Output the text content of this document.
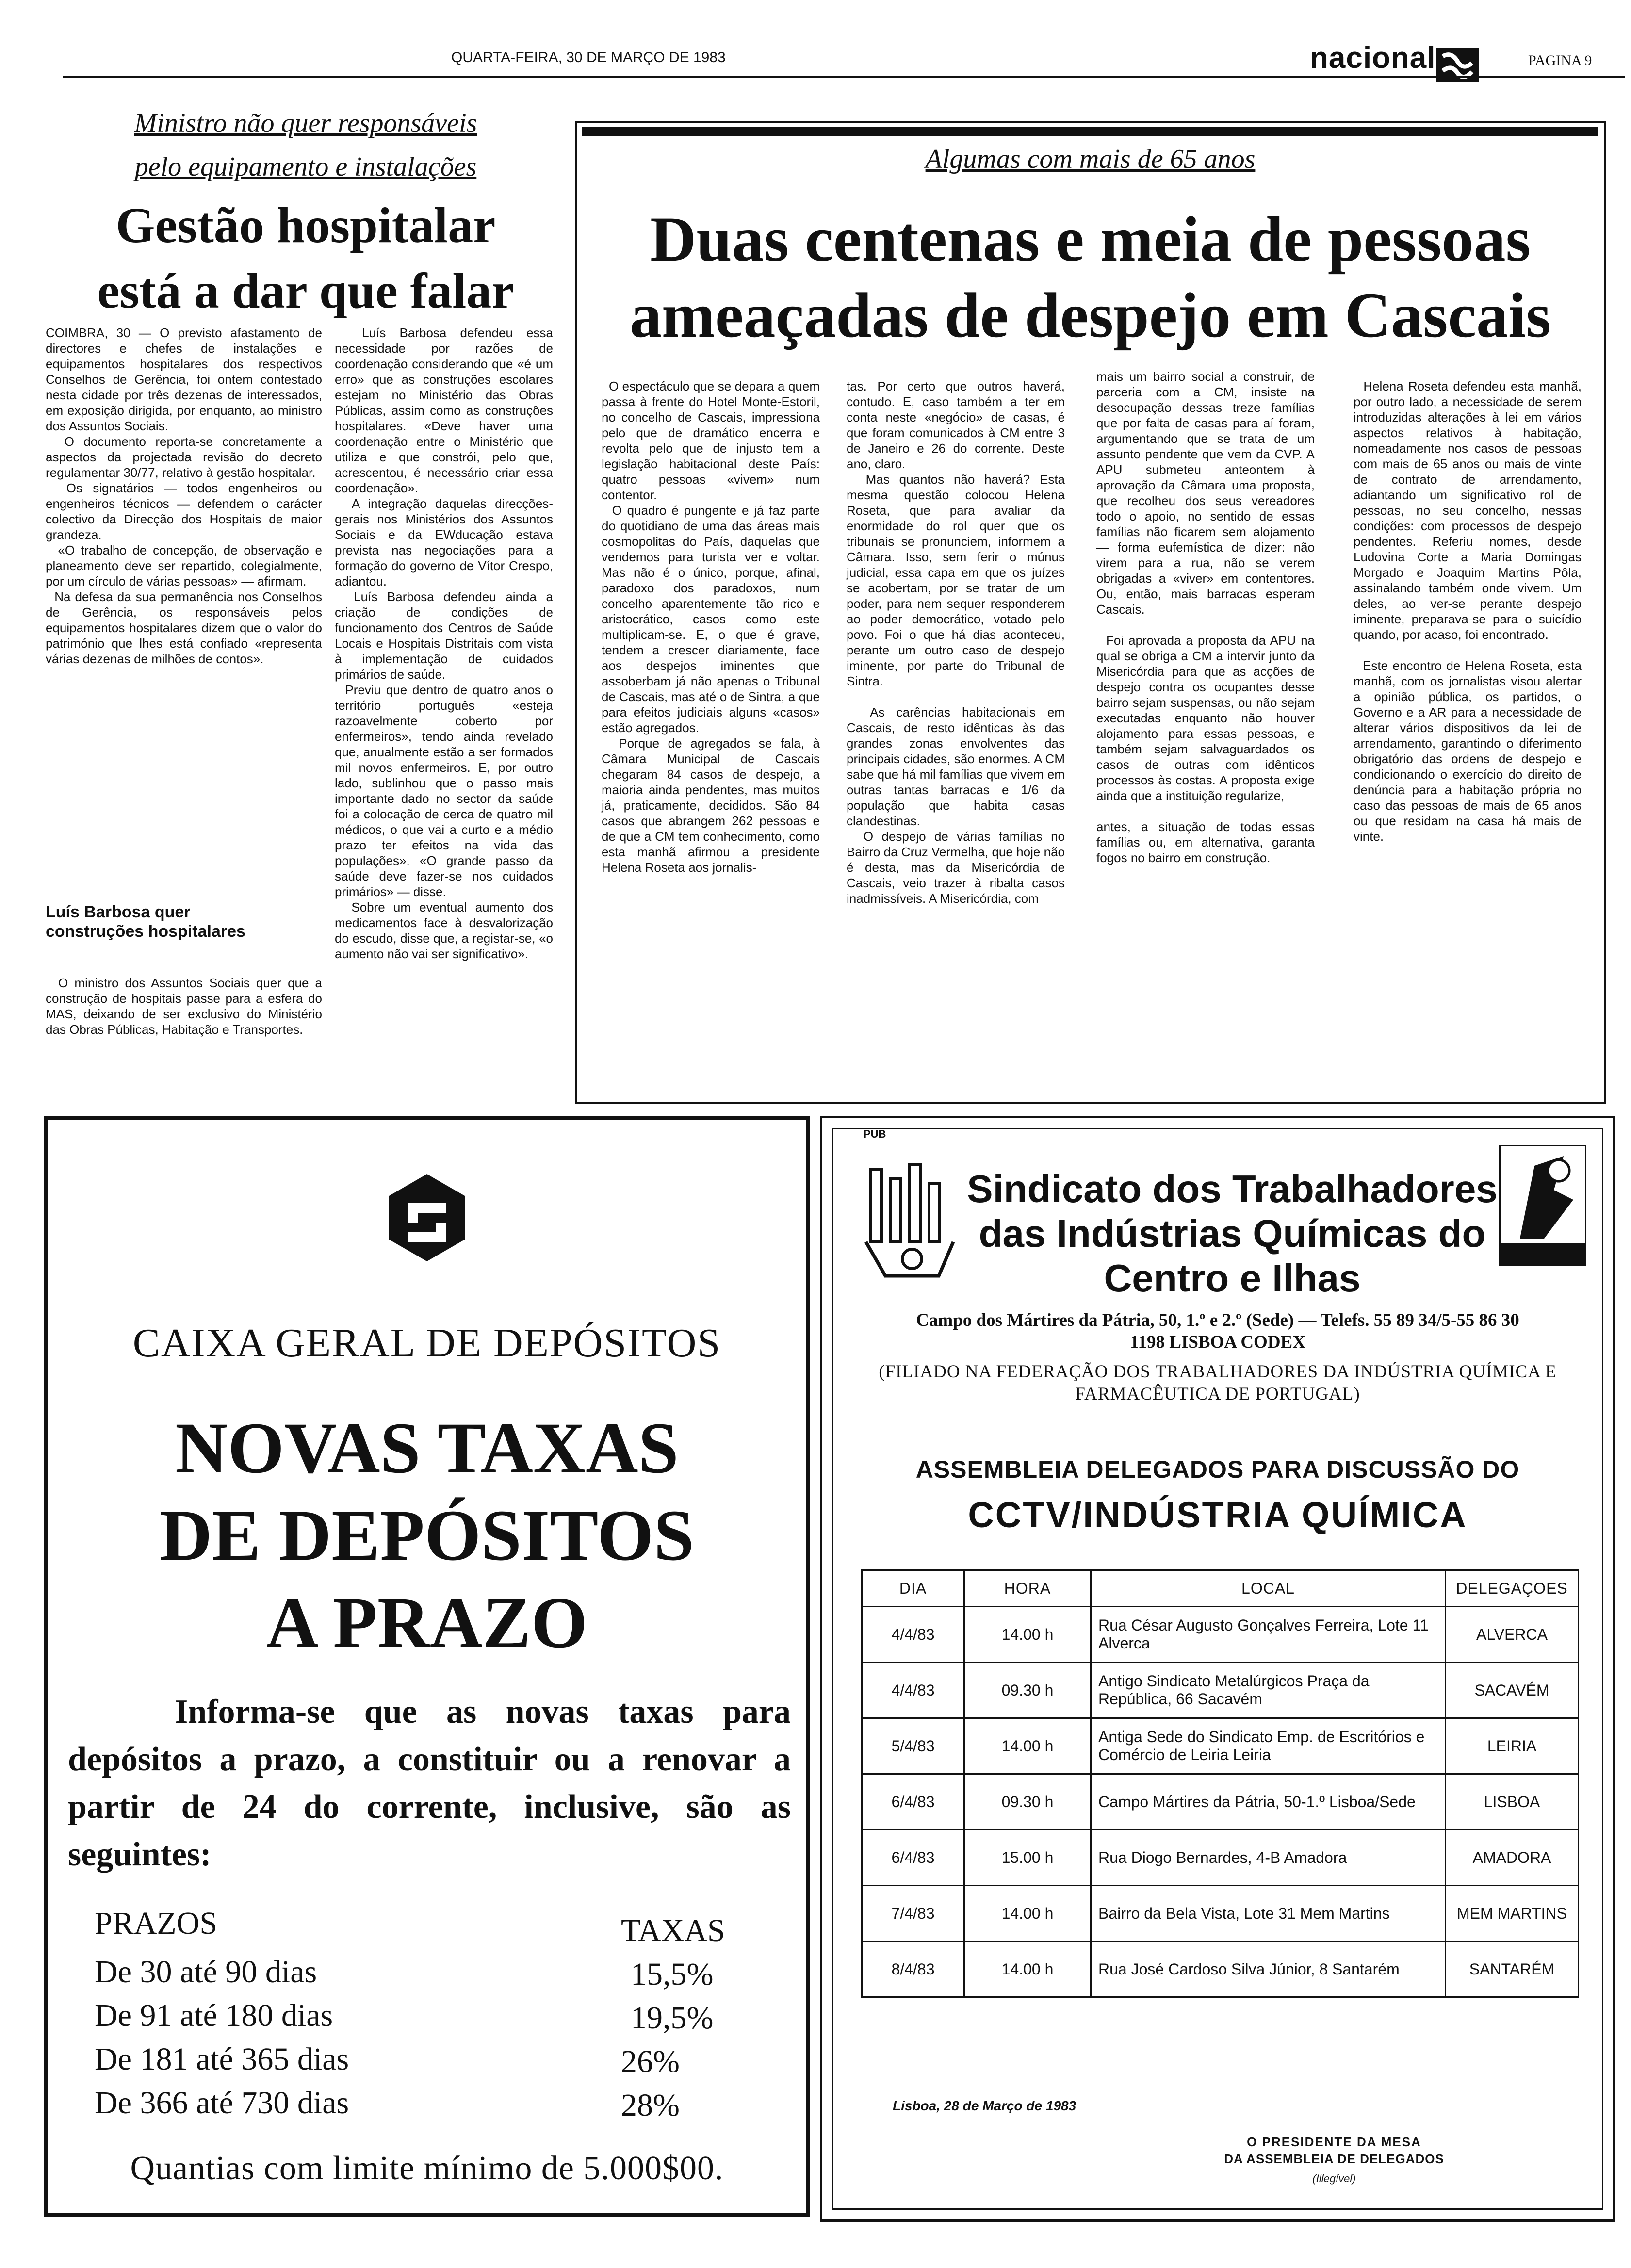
QUARTA-FEIRA, 30 DE MARÇO DE 1983	nacional	PAGINA 9
Ministro não quer responsáveis
pelo equipamento e instalações
Gestão hospitalar
está a dar que falar
COIMBRA, 30 — O previsto afastamento de directores e chefes de instalações e equipamentos hospitalares dos respectivos Conselhos de Gerência, foi ontem contestado nesta cidade por três dezenas de interessados, em exposição dirigida, por enquanto, ao ministro dos Assuntos Sociais.
O documento reporta-se concretamente a aspectos da projectada revisão do decreto regulamentar 30/77, relativo à gestão hospitalar.
Os signatários — todos engenheiros ou engenheiros técnicos — defendem o carácter colectivo da Direcção dos Hospitais de maior grandeza.
«O trabalho de concepção, de observação e planeamento deve ser repartido, colegialmente, por um círculo de várias pessoas» — afirmam.
Na defesa da sua permanência nos Conselhos de Gerência, os responsáveis pelos equipamentos hospitalares dizem que o valor do património que lhes está confiado «representa várias dezenas de milhões de contos».
Luís Barbosa quer construções hospitalares
O ministro dos Assuntos Sociais quer que a construção de hospitais passe para a esfera do MAS, deixando de ser exclusivo do Ministério das Obras Públicas, Habitação e Transportes.
Luís Barbosa defendeu essa necessidade por razões de coordenação considerando que «é um erro» que as construções escolares estejam no Ministério das Obras Públicas, assim como as construções hospitalares. «Deve haver uma coordenação entre o Ministério que utiliza e que constrói, pelo que, acrescentou, é necessário criar essa coordenação».
A integração daquelas direcções-gerais nos Ministérios dos Assuntos Sociais e da EWducação estava prevista nas negociações para a formação do governo de Vítor Crespo, adiantou.
Luís Barbosa defendeu ainda a criação de condições de funcionamento dos Centros de Saúde Locais e Hospitais Distritais com vista à implementação de cuidados primários de saúde.
Previu que dentro de quatro anos o território português «esteja razoavelmente coberto por enfermeiros», tendo ainda revelado que, anualmente estão a ser formados mil novos enfermeiros. E, por outro lado, sublinhou que o passo mais importante dado no sector da saúde foi a colocação de cerca de quatro mil médicos, o que vai a curto e a médio prazo ter efeitos na vida das populações». «O grande passo da saúde deve fazer-se nos cuidados primários» — disse.
Sobre um eventual aumento dos medicamentos face à desvalorização do escudo, disse que, a registar-se, «o aumento não vai ser significativo».
Algumas com mais de 65 anos
Duas centenas e meia de pessoas
ameaçadas de despejo em Cascais
O espectáculo que se depara a quem passa à frente do Hotel Monte-Estoril, no concelho de Cascais, impressiona pelo que de dramático encerra e revolta pelo que de injusto tem a legislação habitacional deste País: quatro pessoas «vivem» num contentor.
O quadro é pungente e já faz parte do quotidiano de uma das áreas mais cosmopolitas do País, daquelas que vendemos para turista ver e voltar. Mas não é o único, porque, afinal, paradoxo dos paradoxos, num concelho aparentemente tão rico e aristocrático, casos como este multiplicam-se. E, o que é grave, tendem a crescer diariamente, face aos despejos iminentes que assoberbam já não apenas o Tribunal de Cascais, mas até o de Sintra, a que para efeitos judiciais alguns «casos» estão agregados.
Porque de agregados se fala, à Câmara Municipal de Cascais chegaram 84 casos de despejo, a maioria ainda pendentes, mas muitos já, praticamente, decididos. São 84 casos que abrangem 262 pessoas e de que a CM tem conhecimento, como esta manhã afirmou a presidente Helena Roseta aos jornalis-
tas. Por certo que outros haverá, contudo. E, caso também a ter em conta neste «negócio» de casas, é que foram comunicados à CM entre 3 de Janeiro e 26 do corrente. Deste ano, claro.
Mas quantos não haverá? Esta mesma questão colocou Helena Roseta, que para avaliar da enormidade do rol quer que os tribunais se pronunciem, informem a Câmara. Isso, sem ferir o múnus judicial, essa capa em que os juízes se acobertam, por se tratar de um poder, para nem sequer responderem ao poder democrático, votado pelo povo. Foi o que há dias aconteceu, perante um outro caso de despejo iminente, por parte do Tribunal de Sintra.

As carências habitacionais em Cascais, de resto idênticas às das grandes zonas envolventes das principais cidades, são enormes. A CM sabe que há mil famílias que vivem em outras tantas barracas e 1/6 da população que habita casas clandestinas.
O despejo de várias famílias no Bairro da Cruz Vermelha, que hoje não é desta, mas da Misericórdia de Cascais, veio trazer à ribalta casos inadmissíveis. A Misericórdia, com
mais um bairro social a construir, de parceria com a CM, insiste na desocupação dessas treze famílias que por falta de casas para aí foram, argumentando que se trata de um assunto pendente que vem da CVP. A APU submeteu anteontem à aprovação da Câmara uma proposta, que recolheu dos seus vereadores todo o apoio, no sentido de essas famílias não ficarem sem alojamento — forma eufemística de dizer: não virem para a rua, não se verem obrigadas a «viver» em contentores. Ou, então, mais barracas esperam Cascais.

Foi aprovada a proposta da APU na qual se obriga a CM a intervir junto da Misericórdia para que as acções de despejo contra os ocupantes desse bairro sejam suspensas, ou não sejam executadas enquanto não houver alojamento para essas pessoas, e também sejam salvaguardados os casos de outras com idênticos processos às costas. A proposta exige ainda que a instituição regularize,

antes, a situação de todas essas famílias ou, em alternativa, garanta fogos no bairro em construção.
Helena Roseta defendeu esta manhã, por outro lado, a necessidade de serem introduzidas alterações à lei em vários aspectos relativos à habitação, nomeadamente nos casos de pessoas com mais de 65 anos ou mais de vinte de contrato de arrendamento, adiantando um significativo rol de pessoas, no seu concelho, nessas condições: com processos de despejo pendentes. Referiu nomes, desde Ludovina Corte a Maria Domingas Morgado e Joaquim Martins Pôla, assinalando também onde vivem. Um deles, ao ver-se perante despejo iminente, preparava-se para o suicídio quando, por acaso, foi encontrado.

Este encontro de Helena Roseta, esta manhã, com os jornalistas visou alertar a opinião pública, os partidos, o Governo e a AR para a necessidade de alterar vários dispositivos da lei de arrendamento, garantindo o diferimento obrigatório das ordens de despejo e condicionando o exercício do direito de denúncia para a habitação própria no caso das pessoas de mais de 65 anos ou que residam na casa há mais de vinte.
CAIXA GERAL DE DEPÓSITOS
NOVAS TAXAS
DE DEPÓSITOS
A PRAZO
Informa-se que as novas taxas para depósitos a prazo, a constituir ou a renovar a partir de 24 do corrente, inclusive, são as seguintes:
PRAZOS	TAXAS
De 30 até 90 dias	15,5%
De 91 até 180 dias	19,5%
De 181 até 365 dias	26%
De 366 até 730 dias	28%
Quantias com limite mínimo de 5.000$00.
PUB
Sindicato dos Trabalhadores
das Indústrias Químicas do
Centro e Ilhas
Campo dos Mártires da Pátria, 50, 1.º e 2.º (Sede) — Telefs. 55 89 34/5-55 86 30
1198 LISBOA CODEX
(FILIADO NA FEDERAÇÃO DOS TRABALHADORES DA INDÚSTRIA QUÍMICA E FARMACÊUTICA DE PORTUGAL)
ASSEMBLEIA DELEGADOS PARA DISCUSSÃO DO
CCTV/INDÚSTRIA QUÍMICA
DIA	HORA	LOCAL	DELEGAÇOES
4/4/83	14.00 h	Rua César Augusto Gonçalves Ferreira, Lote 11 Alverca	ALVERCA
4/4/83	09.30 h	Antigo Sindicato Metalúrgicos Praça da República, 66 Sacavém	SACAVÉM
5/4/83	14.00 h	Antiga Sede do Sindicato Emp. de Escritórios e Comércio de Leiria Leiria	LEIRIA
6/4/83	09.30 h	Campo Mártires da Pátria, 50-1.º Lisboa/Sede	LISBOA
6/4/83	15.00 h	Rua Diogo Bernardes, 4-B Amadora	AMADORA
7/4/83	14.00 h	Bairro da Bela Vista, Lote 31 Mem Martins	MEM MARTINS
8/4/83	14.00 h	Rua José Cardoso Silva Júnior, 8 Santarém	SANTARÉM
Lisboa, 28 de Março de 1983
O PRESIDENTE DA MESA
DA ASSEMBLEIA DE DELEGADOS
(Illegível)
